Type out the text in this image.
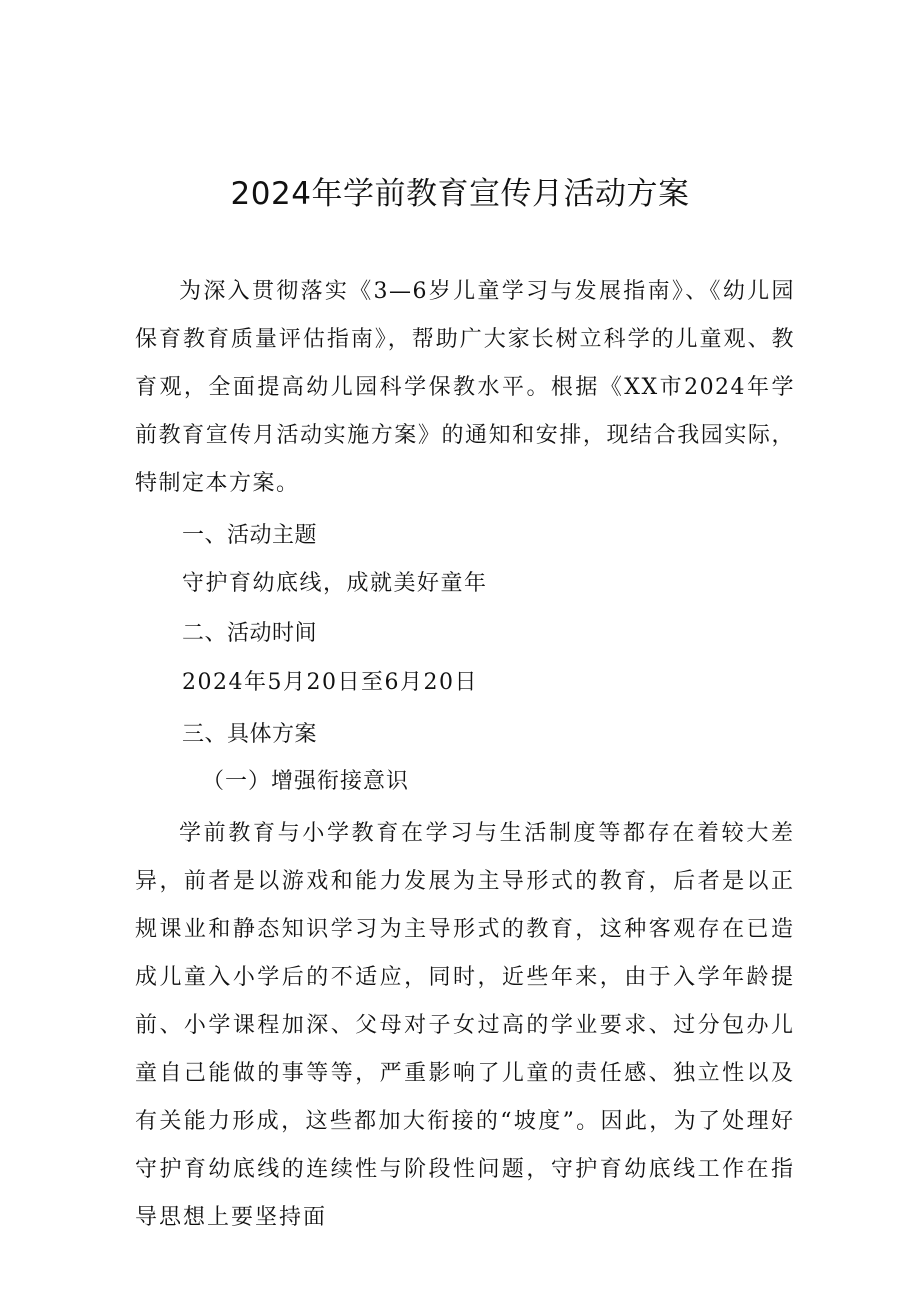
2024年学前教育宣传月活动方案
为深入贯彻落实《3—6岁儿童学习与发展指南》、《幼儿园保育教育质量评估指南》，帮助广大家长树立科学的儿童观、教育观，全面提高幼儿园科学保教水平。根据《XX市2024年学前教育宣传月活动实施方案》的通知和安排，现结合我园实际，特制定本方案。
一、活动主题
守护育幼底线，成就美好童年
二、活动时间
2024年5月20日至6月20日
三、具体方案
（一）增强衔接意识
学前教育与小学教育在学习与生活制度等都存在着较大差异，前者是以游戏和能力发展为主导形式的教育，后者是以正规课业和静态知识学习为主导形式的教育，这种客观存在已造成儿童入小学后的不适应，同时，近些年来，由于入学年龄提前、小学课程加深、父母对子女过高的学业要求、过分包办儿童自己能做的事等等，严重影响了儿童的责任感、独立性以及有关能力形成，这些都加大衔接的“坡度”。因此，为了处理好守护育幼底线的连续性与阶段性问题，守护育幼底线工作在指导思想上要坚持面
